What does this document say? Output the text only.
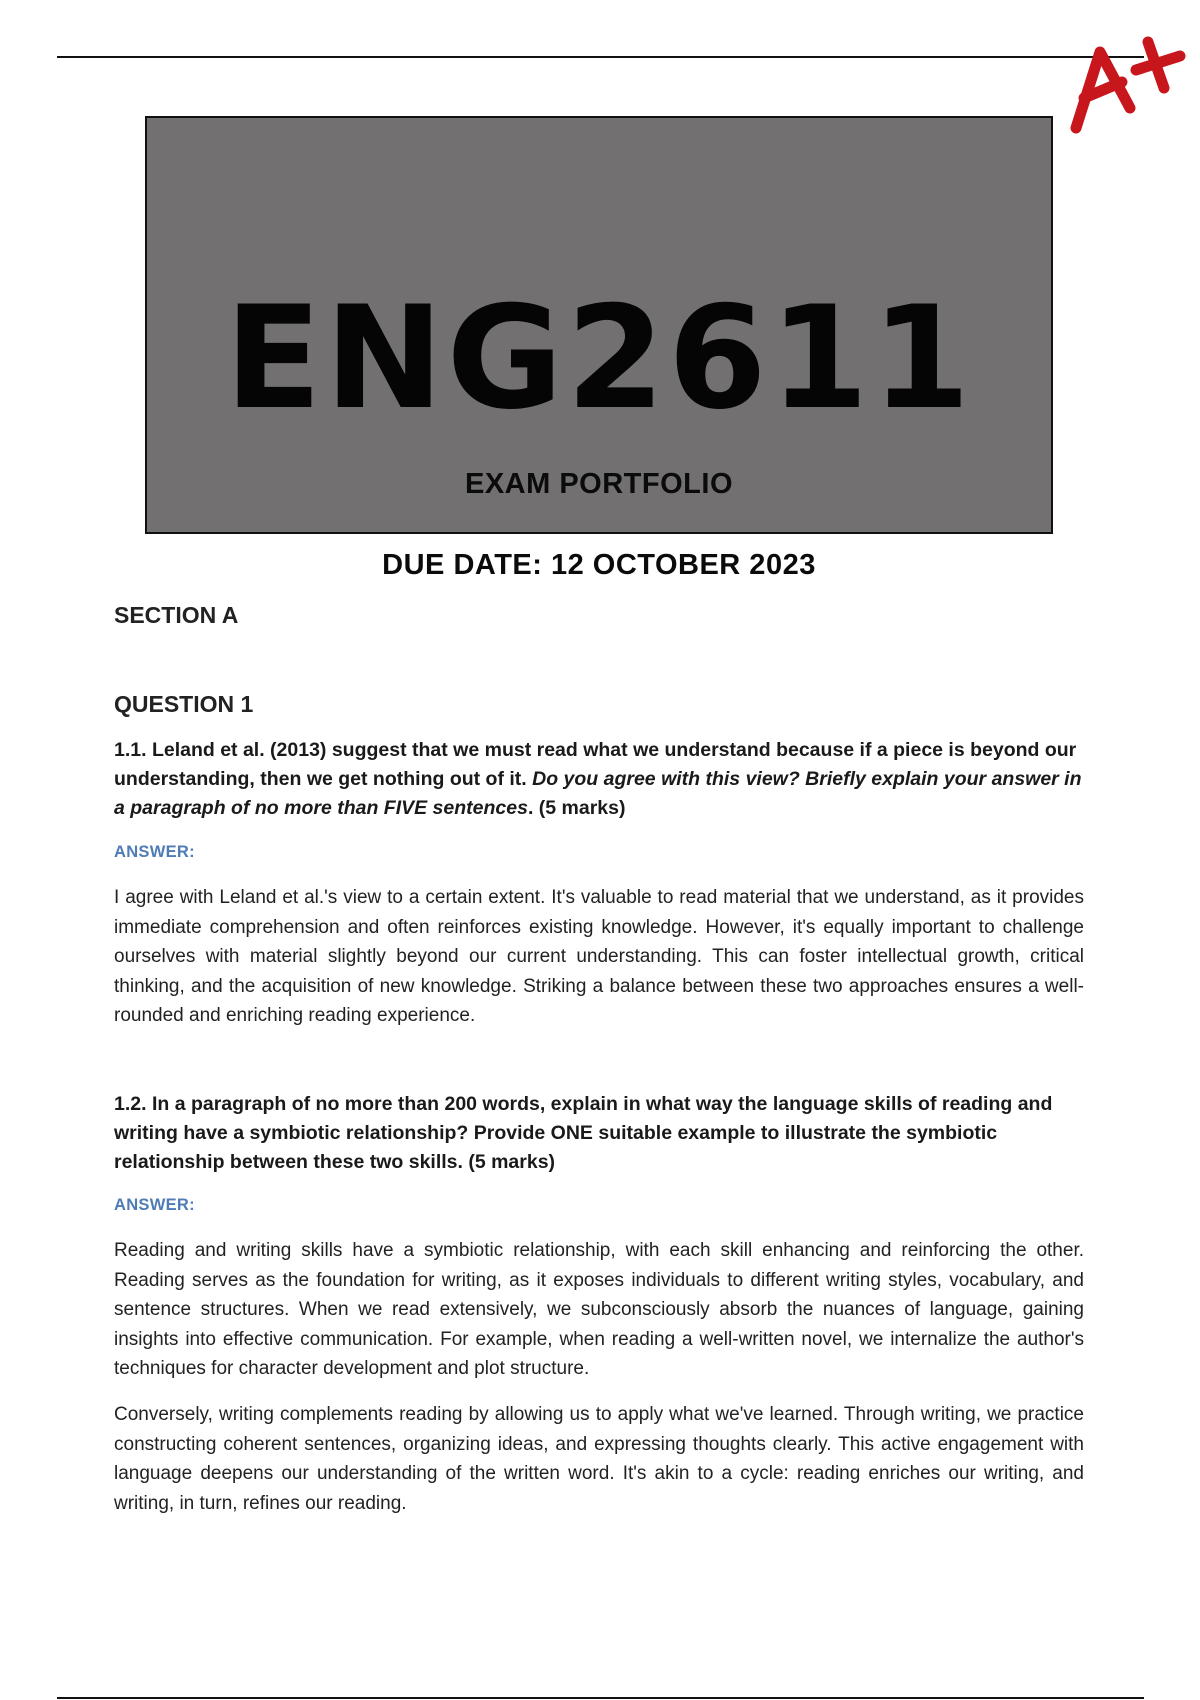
ENG2611
EXAM PORTFOLIO
DUE DATE: 12 OCTOBER 2023
SECTION A
QUESTION 1

1.1. Leland et al. (2013) suggest that we must read what we understand because if a piece is beyond our understanding, then we get nothing out of it. Do you agree with this view? Briefly explain your answer in a paragraph of no more than FIVE sentences. (5 marks)

ANSWER:

I agree with Leland et al.'s view to a certain extent. It's valuable to read material that we understand, as it provides immediate comprehension and often reinforces existing knowledge. However, it's equally important to challenge ourselves with material slightly beyond our current understanding. This can foster intellectual growth, critical thinking, and the acquisition of new knowledge. Striking a balance between these two approaches ensures a well-rounded and enriching reading experience.

1.2. In a paragraph of no more than 200 words, explain in what way the language skills of reading and writing have a symbiotic relationship? Provide ONE suitable example to illustrate the symbiotic relationship between these two skills. (5 marks)

ANSWER:

Reading and writing skills have a symbiotic relationship, with each skill enhancing and reinforcing the other. Reading serves as the foundation for writing, as it exposes individuals to different writing styles, vocabulary, and sentence structures. When we read extensively, we subconsciously absorb the nuances of language, gaining insights into effective communication. For example, when reading a well-written novel, we internalize the author's techniques for character development and plot structure.

Conversely, writing complements reading by allowing us to apply what we've learned. Through writing, we practice constructing coherent sentences, organizing ideas, and expressing thoughts clearly. This active engagement with language deepens our understanding of the written word. It's akin to a cycle: reading enriches our writing, and writing, in turn, refines our reading.
